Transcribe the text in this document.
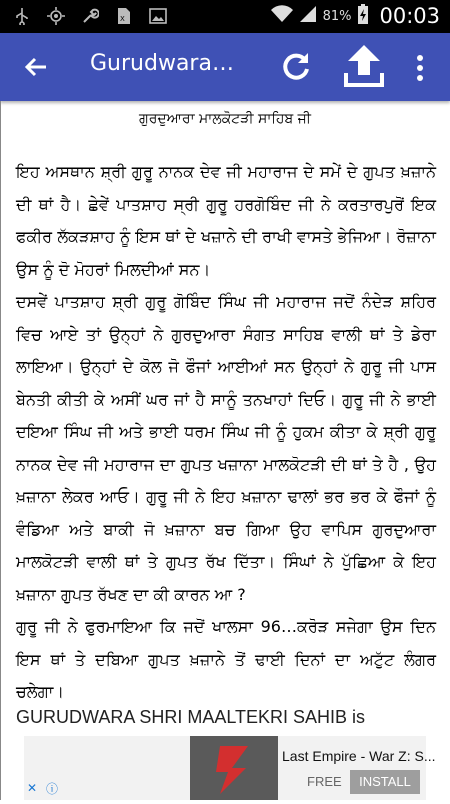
X	81% 00:03
Gurudwara…
ਗੁਰਦੁਆਰਾ ਮਾਲਕੋਟੜੀ ਸਾਹਿਬ ਜੀ

ਇਹ ਅਸਥਾਨ ਸ਼੍ਰੀ ਗੁਰੂ ਨਾਨਕ ਦੇਵ ਜੀ ਮਹਾਰਾਜ ਦੇ ਸਮੇਂ ਦੇ ਗੁਪਤ ਖ਼ਜ਼ਾਨੇ ਦੀ ਥਾਂ ਹੈ। ਛੇਵੇਂ ਪਾਤਸ਼ਾਹ ਸ੍ਰੀ ਗੁਰੂ ਹਰਗੋਬਿੰਦ ਜੀ ਨੇ ਕਰਤਾਰਪੁਰੋਂ ਇਕ ਫਕੀਰ ਲੱਕੜਸ਼ਾਹ ਨੂੰ ਇਸ ਥਾਂ ਦੇ ਖਜ਼ਾਨੇ ਦੀ ਰਾਖੀ ਵਾਸਤੇ ਭੇਜਿਆ। ਰੋਜ਼ਾਨਾ ਉਸ ਨੂੰ ਦੋ ਮੋਹਰਾਂ ਮਿਲਦੀਆਂ ਸਨ।

ਦਸਵੇਂ ਪਾਤਸ਼ਾਹ ਸ਼੍ਰੀ ਗੁਰੂ ਗੋਬਿੰਦ ਸਿੰਘ ਜੀ ਮਹਾਰਾਜ ਜਦੋਂ ਨੰਦੇੜ ਸ਼ਹਿਰ ਵਿਚ ਆਏ ਤਾਂ ਉਨ੍ਹਾਂ ਨੇ ਗੁਰਦੁਆਰਾ ਸੰਗਤ ਸਾਹਿਬ ਵਾਲੀ ਥਾਂ ਤੇ ਡੇਰਾ ਲਾਇਆ। ਉਨ੍ਹਾਂ ਦੇ ਕੋਲ ਜੋ ਫੌਜਾਂ ਆਈਆਂ ਸਨ ਉਨ੍ਹਾਂ ਨੇ ਗੁਰੂ ਜੀ ਪਾਸ ਬੇਨਤੀ ਕੀਤੀ ਕੇ ਅਸੀਂ ਘਰ ਜਾਂ ਹੈ ਸਾਨੂੰ ਤਨਖਾਹਾਂ ਦਿਓ। ਗੁਰੂ ਜੀ ਨੇ ਭਾਈ ਦਇਆ ਸਿੰਘ ਜੀ ਅਤੇ ਭਾਈ ਧਰਮ ਸਿੰਘ ਜੀ ਨੂੰ ਹੁਕਮ ਕੀਤਾ ਕੇ ਸ਼੍ਰੀ ਗੁਰੂ ਨਾਨਕ ਦੇਵ ਜੀ ਮਹਾਰਾਜ ਦਾ ਗੁਪਤ ਖਜ਼ਾਨਾ ਮਾਲਕੋਟੜੀ ਦੀ ਥਾਂ ਤੇ ਹੈ , ਉਹ ਖ਼ਜ਼ਾਨਾ ਲੇਕਰ ਆਓ। ਗੁਰੂ ਜੀ ਨੇ ਇਹ ਖ਼ਜ਼ਾਨਾ ਢਾਲਾਂ ਭਰ ਭਰ ਕੇ ਫੌਜਾਂ ਨੂੰ ਵੰਡਿਆ ਅਤੇ ਬਾਕੀ ਜੋ ਖ਼ਜ਼ਾਨਾ ਬਚ ਗਿਆ ਉਹ ਵਾਪਿਸ ਗੁਰਦੁਆਰਾ ਮਾਲਕੋਟੜੀ ਵਾਲੀ ਥਾਂ ਤੇ ਗੁਪਤ ਰੱਖ ਦਿੱਤਾ। ਸਿੰਘਾਂ ਨੇ ਪੁੱਛਿਆ ਕੇ ਇਹ ਖ਼ਜ਼ਾਨਾ ਗੁਪਤ ਰੱਖਣ ਦਾ ਕੀ ਕਾਰਨ ਆ ?

ਗੁਰੂ ਜੀ ਨੇ ਫੁਰਮਾਇਆ ਕਿ ਜਦੋਂ ਖਾਲਸਾ 96…ਕਰੋੜ ਸਜੇਗਾ ਉਸ ਦਿਨ ਇਸ ਥਾਂ ਤੇ ਦਬਿਆ ਗੁਪਤ ਖ਼ਜ਼ਾਨੇ ਤੋਂ ਢਾਈ ਦਿਨਾਂ ਦਾ ਅਟੁੱਟ ਲੰਗਰ ਚਲੇਗਾ।

GURUDWARA SHRI MAALTEKRI SAHIB is
Last Empire - War Z: S...
FREE	INSTALL
✕ ⓘ
